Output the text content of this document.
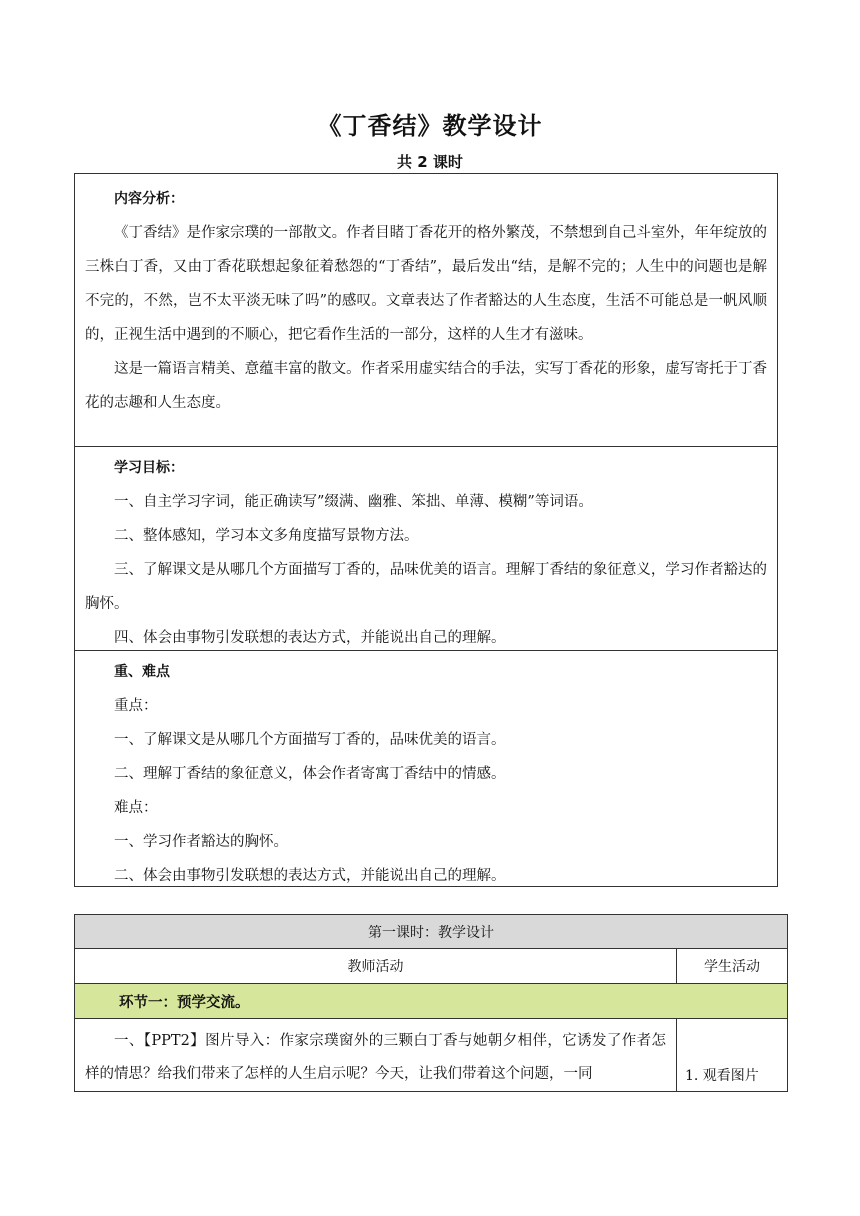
《丁香结》教学设计
共 2 课时

内容分析：

《丁香结》是作家宗璞的一部散文。作者目睹丁香花开的格外繁茂，不禁想到自己斗室外，年年绽放的三株白丁香，又由丁香花联想起象征着愁怨的“丁香结”，最后发出“结，是解不完的；人生中的问题也是解不完的，不然，岂不太平淡无味了吗”的感叹。文章表达了作者豁达的人生态度，生活不可能总是一帆风顺的，正视生活中遇到的不顺心，把它看作生活的一部分，这样的人生才有滋味。

这是一篇语言精美、意蕴丰富的散文。作者采用虚实结合的手法，实写丁香花的形象，虚写寄托于丁香花的志趣和人生态度。

学习目标：

一、自主学习字词，能正确读写”缀满、幽雅、笨拙、单薄、模糊”等词语。

二、整体感知，学习本文多角度描写景物方法。

三、了解课文是从哪几个方面描写丁香的，品味优美的语言。理解丁香结的象征意义，学习作者豁达的胸怀。

四、体会由事物引发联想的表达方式，并能说出自己的理解。

重、难点

重点：

一、了解课文是从哪几个方面描写丁香的，品味优美的语言。

二、理解丁香结的象征意义，体会作者寄寓丁香结中的情感。

难点：

一、学习作者豁达的胸怀。

二、体会由事物引发联想的表达方式，并能说出自己的理解。

第一课时：教学设计	
教师活动	学生活动

环节一：预学交流。	

一、【PPT2】图片导入：作家宗璞窗外的三颗白丁香与她朝夕相伴，它诱发了作者怎样的情思？给我们带来了怎样的人生启示呢？今天，让我们带着这个问题，一同	1. 观看图片
